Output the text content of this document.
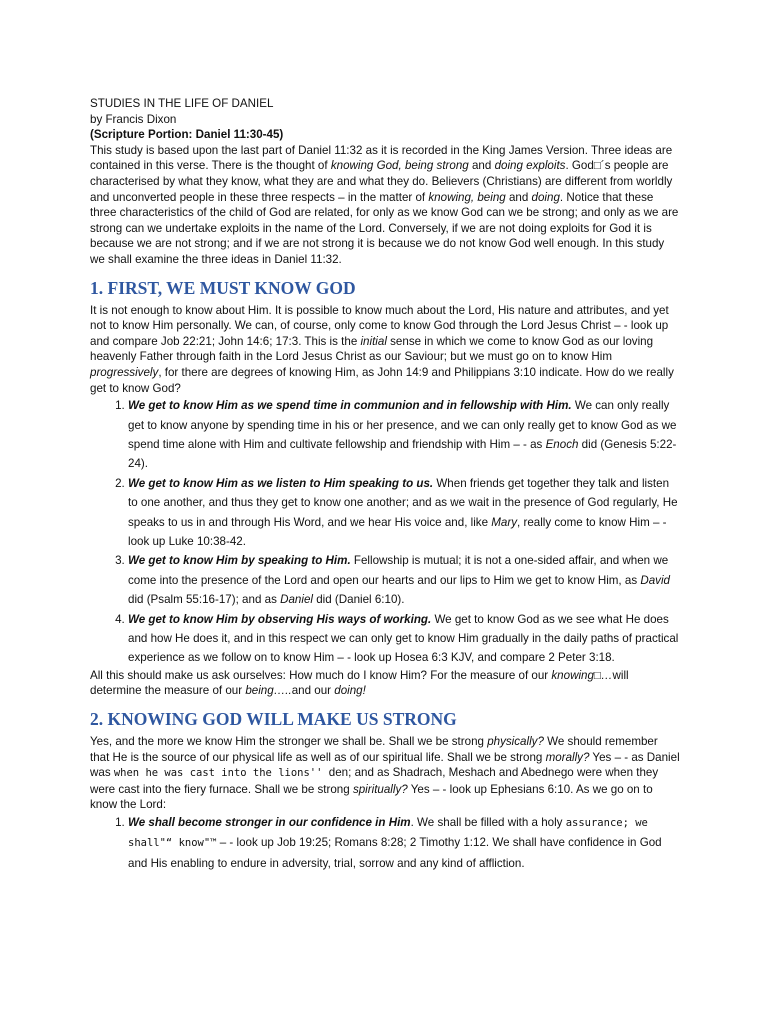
STUDIES IN THE LIFE OF DANIEL

by Francis Dixon

(Scripture Portion: Daniel 11:30-45)

This study is based upon the last part of Daniel 11:32 as it is recorded in the King James Version. Three ideas are contained in this verse. There is the thought of knowing God, being strong and doing exploits. God□´s people are characterised by what they know, what they are and what they do. Believers (Christians) are different from worldly and unconverted people in these three respects – in the matter of knowing, being and doing. Notice that these three characteristics of the child of God are related, for only as we know God can we be strong; and only as we are strong can we undertake exploits in the name of the Lord. Conversely, if we are not doing exploits for God it is because we are not strong; and if we are not strong it is because we do not know God well enough. In this study we shall examine the three ideas in Daniel 11:32.

1. FIRST, WE MUST KNOW GOD

It is not enough to know about Him. It is possible to know much about the Lord, His nature and attributes, and yet not to know Him personally. We can, of course, only come to know God through the Lord Jesus Christ – - look up and compare Job 22:21; John 14:6; 17:3. This is the initial sense in which we come to know God as our loving heavenly Father through faith in the Lord Jesus Christ as our Saviour; but we must go on to know Him progressively, for there are degrees of knowing Him, as John 14:9 and Philippians 3:10 indicate. How do we really get to know God?

1. We get to know Him as we spend time in communion and in fellowship with Him. We can only really get to know anyone by spending time in his or her presence, and we can only really get to know God as we spend time alone with Him and cultivate fellowship and friendship with Him – - as Enoch did (Genesis 5:22-24).
2. We get to know Him as we listen to Him speaking to us. When friends get together they talk and listen to one another, and thus they get to know one another; and as we wait in the presence of God regularly, He speaks to us in and through His Word, and we hear His voice and, like Mary, really come to know Him – - look up Luke 10:38-42.
3. We get to know Him by speaking to Him. Fellowship is mutual; it is not a one-sided affair, and when we come into the presence of the Lord and open our hearts and our lips to Him we get to know Him, as David did (Psalm 55:16-17); and as Daniel did (Daniel 6:10).
4. We get to know Him by observing His ways of working. We get to know God as we see what He does and how He does it, and in this respect we can only get to know Him gradually in the daily paths of practical experience as we follow on to know Him – - look up Hosea 6:3 KJV, and compare 2 Peter 3:18.

All this should make us ask ourselves: How much do I know Him? For the measure of our knowing□…will determine the measure of our being…..and our doing!

2. KNOWING GOD WILL MAKE US STRONG

Yes, and the more we know Him the stronger we shall be. Shall we be strong physically? We should remember that He is the source of our physical life as well as of our spiritual life. Shall we be strong morally? Yes – - as Daniel was when he was cast into the lions'' den; and as Shadrach, Meshach and Abednego were when they were cast into the fiery furnace. Shall we be strong spiritually? Yes – - look up Ephesians 6:10. As we go on to know the Lord:

1. We shall become stronger in our confidence in Him. We shall be filled with a holy assurance; we shall"“ know"™ – - look up Job 19:25; Romans 8:28; 2 Timothy 1:12. We shall have confidence in God and His enabling to endure in adversity, trial, sorrow and any kind of affliction.
